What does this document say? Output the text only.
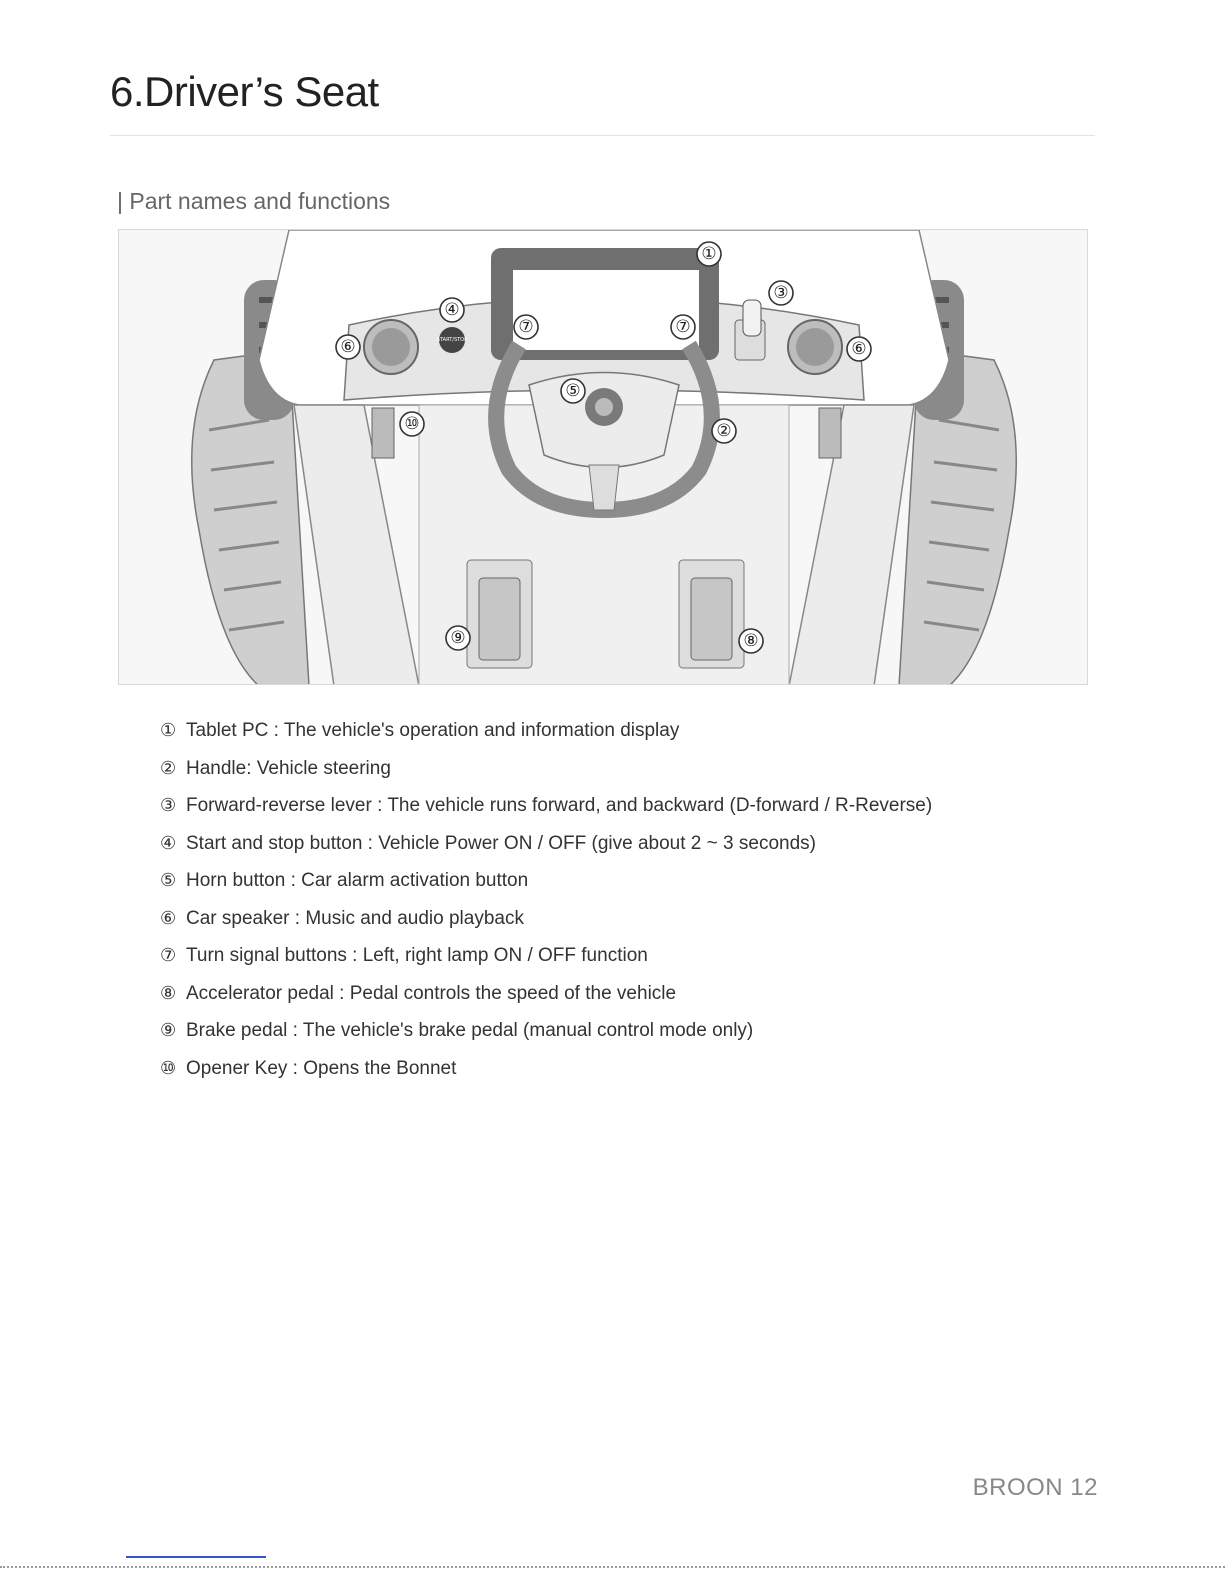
6.Driver’s Seat
| Part names and functions
START/STOP
①
②
③
④
⑤
⑥	⑥
⑦	⑦
⑧
⑨
⑩
① Tablet PC : The vehicle's operation and information display
② Handle: Vehicle steering
③ Forward-reverse lever : The vehicle runs forward, and backward (D-forward / R-Reverse)
④ Start and stop button : Vehicle Power ON / OFF (give about 2 ~ 3 seconds)
⑤ Horn button : Car alarm activation button
⑥ Car speaker : Music and audio playback
⑦ Turn signal buttons : Left, right lamp ON / OFF function
⑧ Accelerator pedal : Pedal controls the speed of the vehicle
⑨ Brake pedal : The vehicle's brake pedal (manual control mode only)
⑩ Opener Key : Opens the Bonnet
BROON 12
